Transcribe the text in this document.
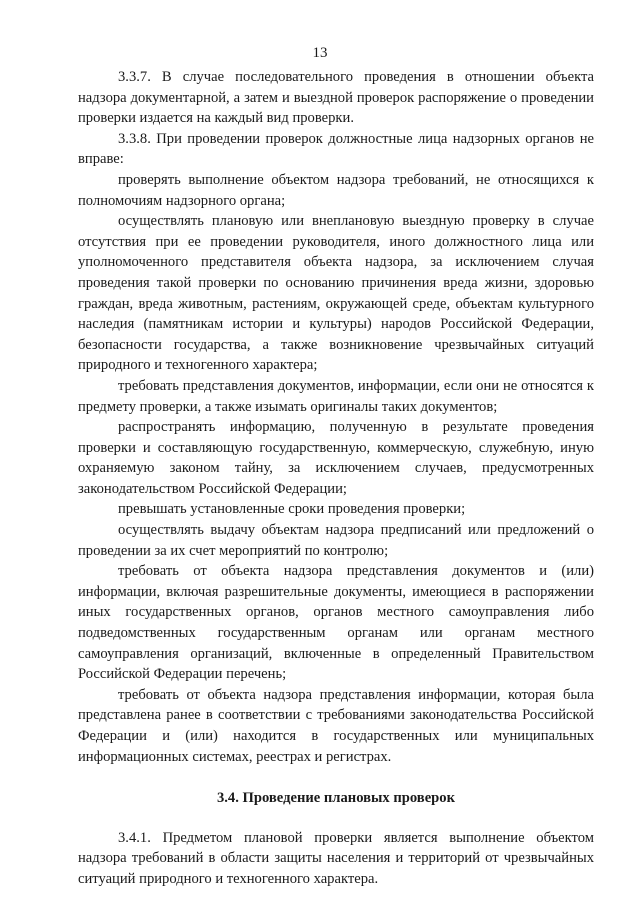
13

3.3.7. В случае последовательного проведения в отношении объекта надзора документарной, а затем и выездной проверок распоряжение о проведении проверки издается на каждый вид проверки.

3.3.8. При проведении проверок должностные лица надзорных органов не вправе:

проверять выполнение объектом надзора требований, не относящихся к полномочиям надзорного органа;

осуществлять плановую или внеплановую выездную проверку в случае отсутствия при ее проведении руководителя, иного должностного лица или уполномоченного представителя объекта надзора, за исключением случая проведения такой проверки по основанию причинения вреда жизни, здоровью граждан, вреда животным, растениям, окружающей среде, объектам культурного наследия (памятникам истории и культуры) народов Российской Федерации, безопасности государства, а также возникновение чрезвычайных ситуаций природного и техногенного характера;

требовать представления документов, информации, если они не относятся к предмету проверки, а также изымать оригиналы таких документов;

распространять информацию, полученную в результате проведения проверки и составляющую государственную, коммерческую, служебную, иную охраняемую законом тайну, за исключением случаев, предусмотренных законодательством Российской Федерации;

превышать установленные сроки проведения проверки;

осуществлять выдачу объектам надзора предписаний или предложений о проведении за их счет мероприятий по контролю;

требовать от объекта надзора представления документов и (или) информации, включая разрешительные документы, имеющиеся в распоряжении иных государственных органов, органов местного самоуправления либо подведомственных государственным органам или органам местного самоуправления организаций, включенные в определенный Правительством Российской Федерации перечень;

требовать от объекта надзора представления информации, которая была представлена ранее в соответствии с требованиями законодательства Российской Федерации и (или) находится в государственных или муниципальных информационных системах, реестрах и регистрах.

3.4. Проведение плановых проверок

3.4.1. Предметом плановой проверки является выполнение объектом надзора требований в области защиты населения и территорий от чрезвычайных ситуаций природного и техногенного характера.
